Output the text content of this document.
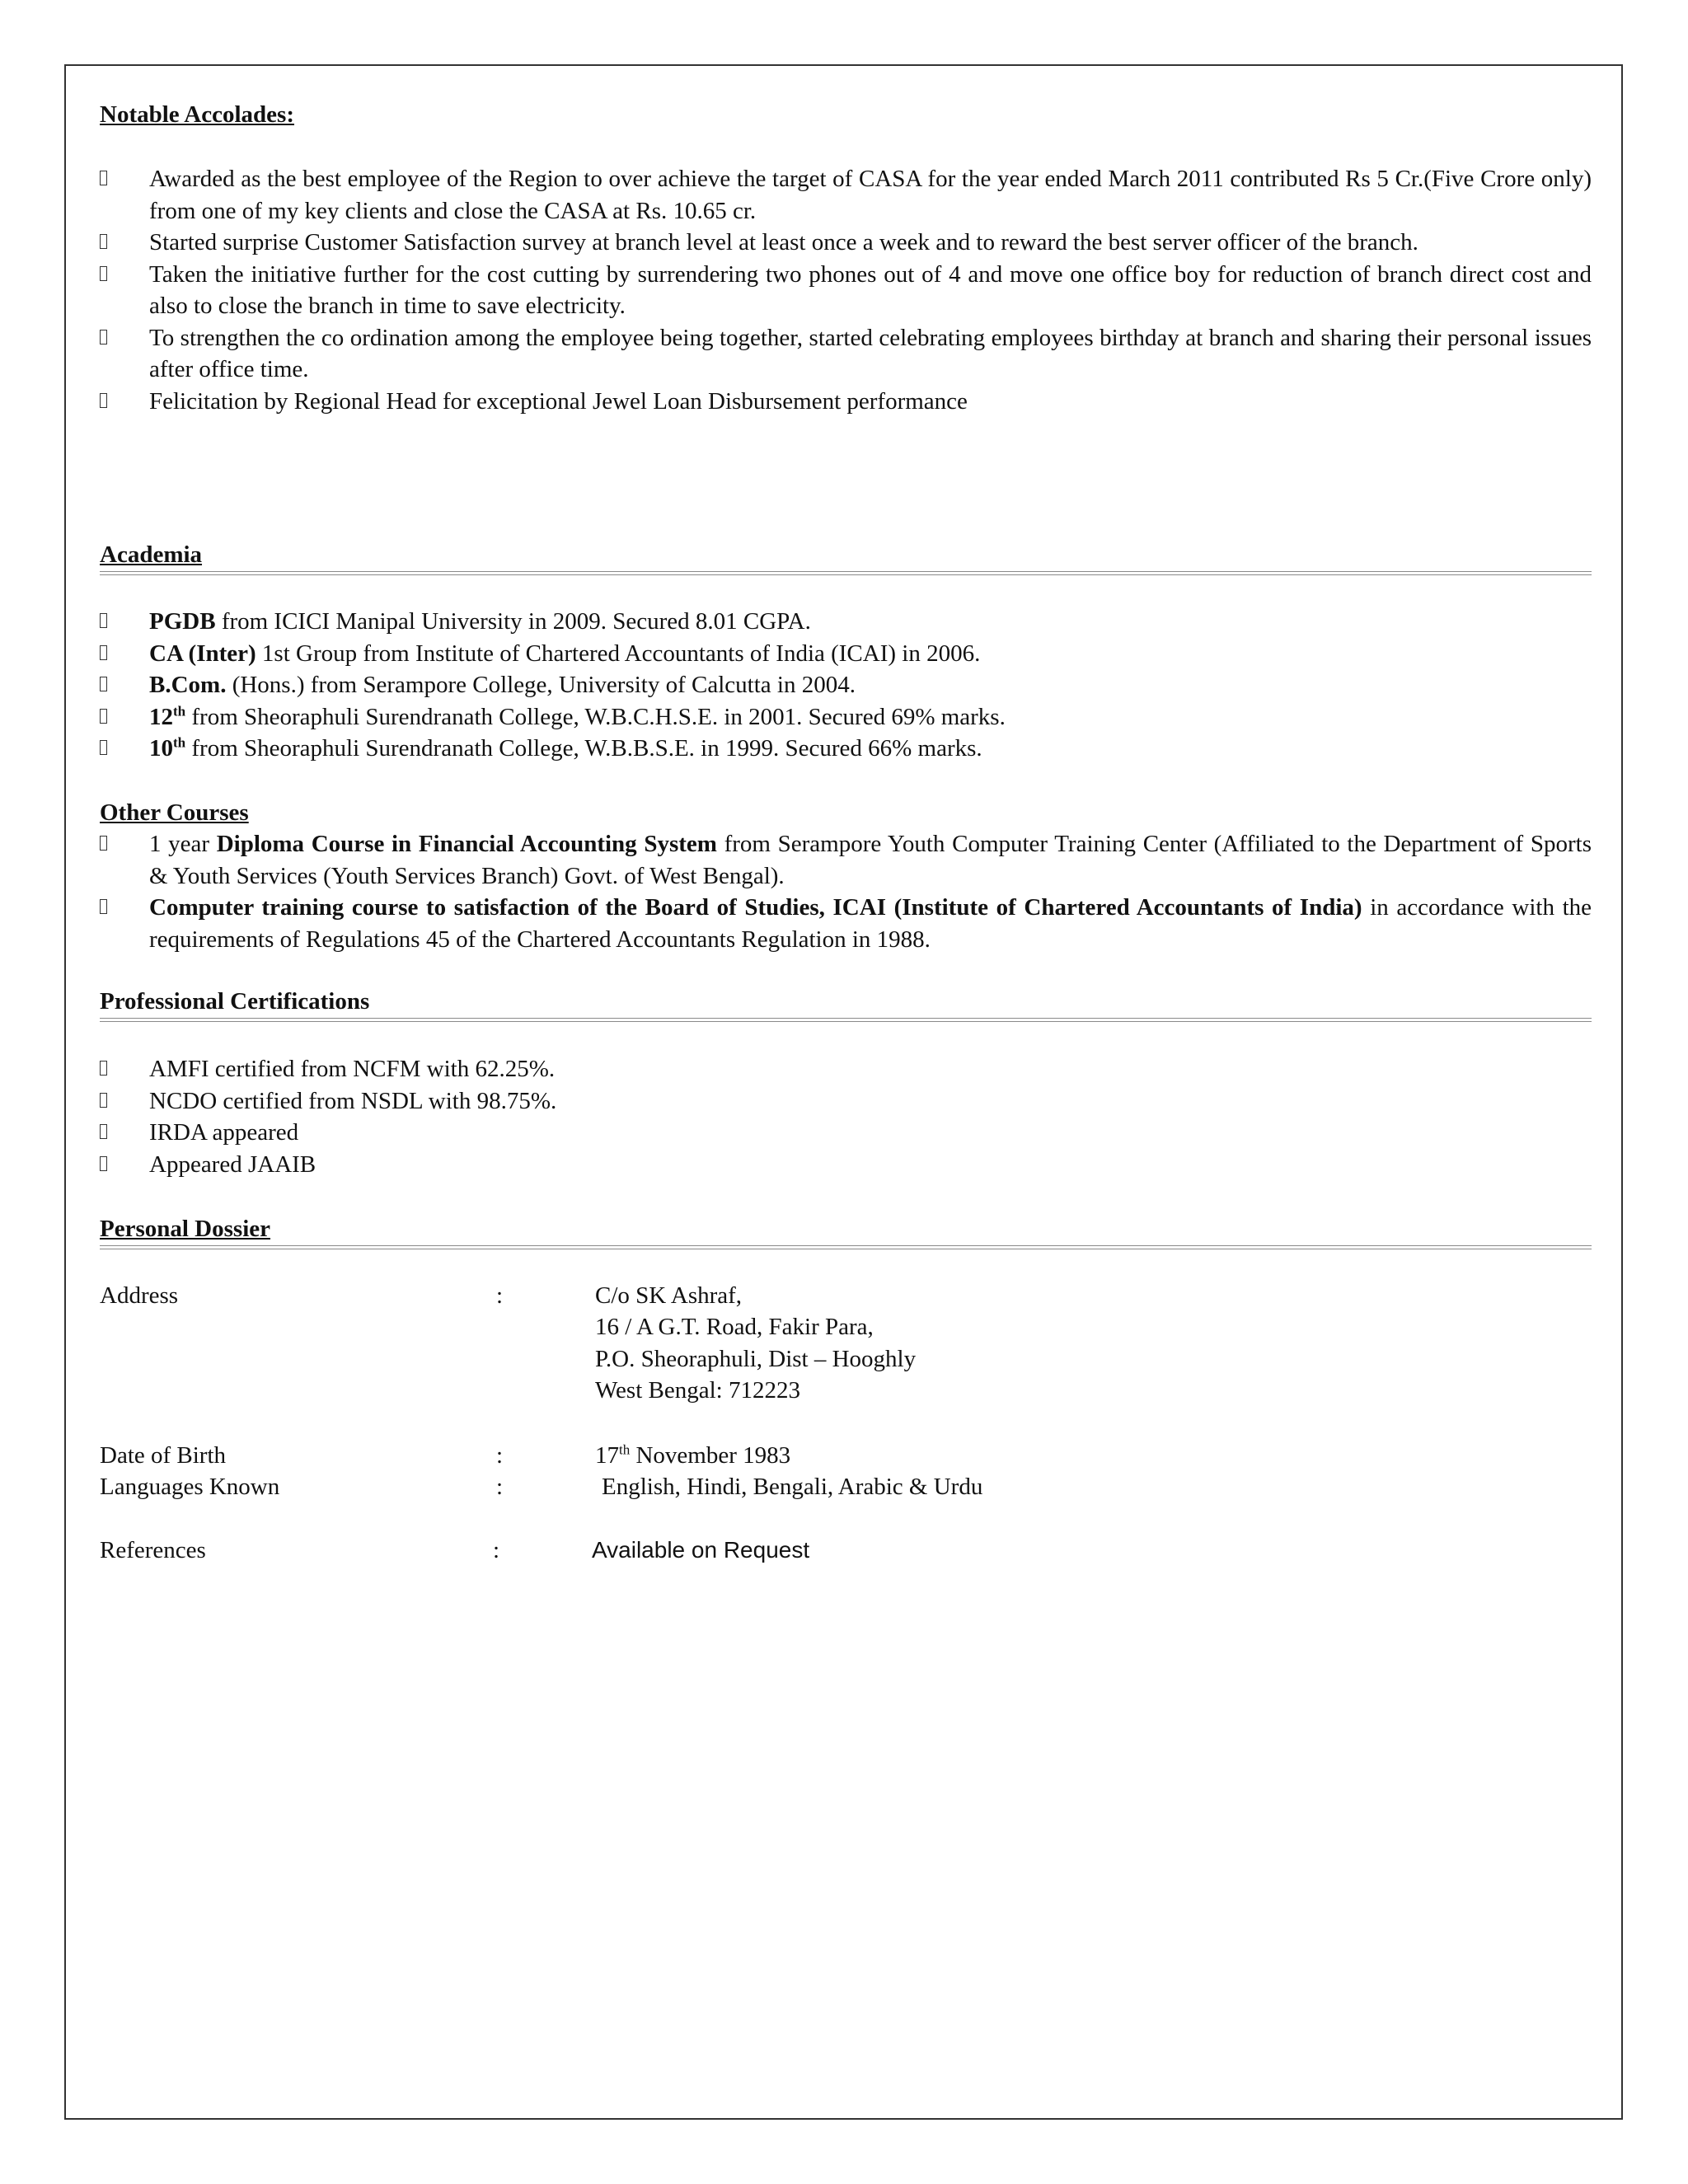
Notable Accolades:
Awarded as the best employee of the Region to over achieve the target of CASA for the year ended March 2011 contributed Rs 5 Cr.(Five Crore only) from one of my key clients and close the CASA at Rs. 10.65 cr.
Started surprise Customer Satisfaction survey at branch level at least once a week and to reward the best server officer of the branch.
Taken the initiative further for the cost cutting by surrendering two phones out of 4 and move one office boy for reduction of branch direct cost and also to close the branch in time to save electricity.
To strengthen the co ordination among the employee being together, started celebrating employees birthday at branch and sharing their personal issues after office time.
Felicitation by Regional Head for exceptional Jewel Loan Disbursement performance
Academia
PGDB from ICICI Manipal University in 2009. Secured 8.01 CGPA.
CA (Inter) 1st Group from Institute of Chartered Accountants of India (ICAI) in 2006.
B.Com. (Hons.) from Serampore College, University of Calcutta in 2004.
12th from Sheoraphuli Surendranath College, W.B.C.H.S.E. in 2001. Secured 69% marks.
10th from Sheoraphuli Surendranath College, W.B.B.S.E. in 1999. Secured 66% marks.
Other Courses
1 year Diploma Course in Financial Accounting System from Serampore Youth Computer Training Center (Affiliated to the Department of Sports & Youth Services (Youth Services Branch) Govt. of West Bengal).
Computer training course to satisfaction of the Board of Studies, ICAI (Institute of Chartered Accountants of India) in accordance with the requirements of Regulations 45 of the Chartered Accountants Regulation in 1988.
Professional Certifications
AMFI certified from NCFM with 62.25%.
NCDO certified from NSDL with 98.75%.
IRDA appeared
Appeared JAAIB
Personal Dossier
Address	:	C/o SK Ashraf,
16 / A G.T. Road, Fakir Para,
P.O. Sheoraphuli, Dist – Hooghly
West Bengal: 712223
Date of Birth	:	17th November 1983
Languages Known	:	English, Hindi, Bengali, Arabic & Urdu
References	:	Available on Request
